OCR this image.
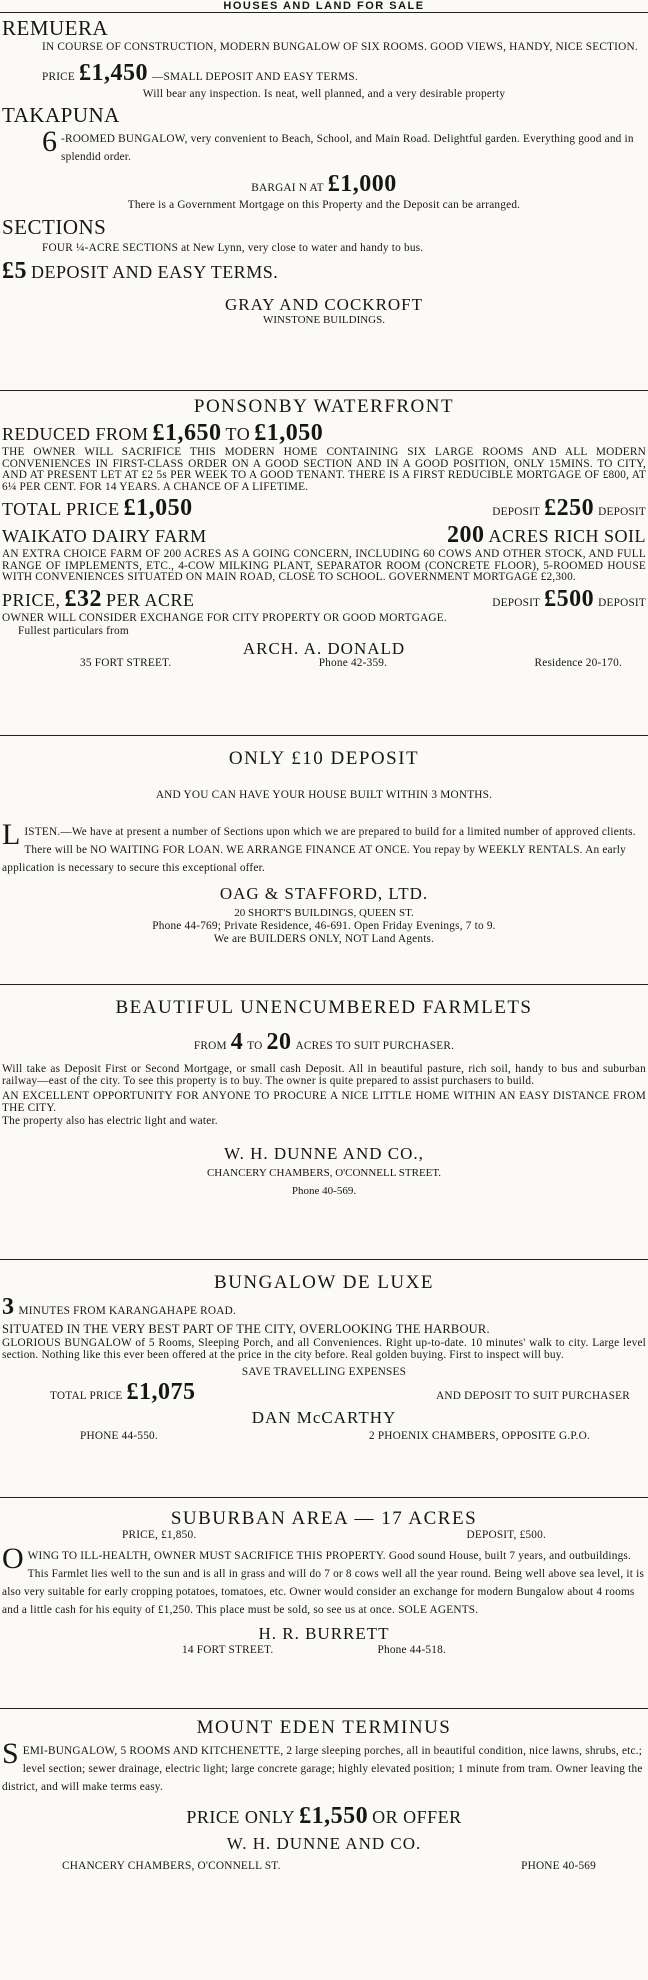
HOUSES AND LAND FOR SALE
REMUERA
IN COURSE OF CONSTRUCTION, MODERN BUNGALOW OF SIX ROOMS. GOOD VIEWS, HANDY, NICE SECTION.
PRICE £1,450 —SMALL DEPOSIT AND EASY TERMS.
Will bear any inspection. Is neat, well planned, and a very desirable property
TAKAPUNA
6 -ROOMED BUNGALOW, very convenient to Beach, School, and Main Road. Delightful garden. Everything good and in splendid order.
BARGAI N AT £1,000
There is a Government Mortgage on this Property and the Deposit can be arranged.
SECTIONS
FOUR ¼-ACRE SECTIONS at New Lynn, very close to water and handy to bus.
£5 DEPOSIT AND EASY TERMS.
GRAY AND COCKROFT
WINSTONE BUILDINGS.
PONSONBY WATERFRONT
REDUCED FROM £1,650 TO £1,050
THE OWNER WILL SACRIFICE THIS MODERN HOME CONTAINING SIX LARGE ROOMS AND ALL MODERN CONVENIENCES IN FIRST-CLASS ORDER ON A GOOD SECTION AND IN A GOOD POSITION, ONLY 15MINS. TO CITY, AND AT PRESENT LET AT £2 5s PER WEEK TO A GOOD TENANT. THERE IS A FIRST REDUCIBLE MORTGAGE OF £800, AT 6¼ PER CENT. FOR 14 YEARS. A CHANCE OF A LIFETIME.
TOTAL PRICE £1,050	DEPOSIT £250 DEPOSIT
WAIKATO DAIRY FARM	200 ACRES RICH SOIL
AN EXTRA CHOICE FARM OF 200 ACRES AS A GOING CONCERN, INCLUDING 60 COWS AND OTHER STOCK, AND FULL RANGE OF IMPLEMENTS, ETC., 4-COW MILKING PLANT, SEPARATOR ROOM (CONCRETE FLOOR), 5-ROOMED HOUSE WITH CONVENIENCES SITUATED ON MAIN ROAD, CLOSE TO SCHOOL. GOVERNMENT MORTGAGE £2,300.
PRICE, £32 PER ACRE	DEPOSIT £500 DEPOSIT
OWNER WILL CONSIDER EXCHANGE FOR CITY PROPERTY OR GOOD MORTGAGE.
Fullest particulars from
ARCH. A. DONALD
35 FORT STREET.	Phone 42-359.	Residence 20-170.
ONLY £10 DEPOSIT
AND YOU CAN HAVE YOUR HOUSE BUILT WITHIN 3 MONTHS.
L ISTEN.—We have at present a number of Sections upon which we are prepared to build for a limited number of approved clients. There will be NO WAITING FOR LOAN. WE ARRANGE FINANCE AT ONCE. You repay by WEEKLY RENTALS. An early application is necessary to secure this exceptional offer.
OAG & STAFFORD, LTD.
20 SHORT'S BUILDINGS, QUEEN ST.
Phone 44-769; Private Residence, 46-691. Open Friday Evenings, 7 to 9.
We are BUILDERS ONLY, NOT Land Agents.
BEAUTIFUL UNENCUMBERED FARMLETS
FROM 4 TO 20 ACRES TO SUIT PURCHASER.
Will take as Deposit First or Second Mortgage, or small cash Deposit. All in beautiful pasture, rich soil, handy to bus and suburban railway—east of the city. To see this property is to buy. The owner is quite prepared to assist purchasers to build.
AN EXCELLENT OPPORTUNITY FOR ANYONE TO PROCURE A NICE LITTLE HOME WITHIN AN EASY DISTANCE FROM THE CITY.
The property also has electric light and water.
W. H. DUNNE AND CO.,
CHANCERY CHAMBERS, O'CONNELL STREET.
Phone 40-569.
BUNGALOW DE LUXE
3 MINUTES FROM KARANGAHAPE ROAD.
SITUATED IN THE VERY BEST PART OF THE CITY, OVERLOOKING THE HARBOUR.
GLORIOUS BUNGALOW of 5 Rooms, Sleeping Porch, and all Conveniences. Right up-to-date. 10 minutes' walk to city. Large level section. Nothing like this ever been offered at the price in the city before. Real golden buying. First to inspect will buy.
SAVE TRAVELLING EXPENSES
TOTAL PRICE £1,075	AND DEPOSIT TO SUIT PURCHASER
DAN McCARTHY
PHONE 44-550.	2 PHOENIX CHAMBERS, OPPOSITE G.P.O.
SUBURBAN AREA — 17 ACRES
PRICE, £1,850.	DEPOSIT, £500.
O WING TO ILL-HEALTH, OWNER MUST SACRIFICE THIS PROPERTY. Good sound House, built 7 years, and outbuildings. This Farmlet lies well to the sun and is all in grass and will do 7 or 8 cows well all the year round. Being well above sea level, it is also very suitable for early cropping potatoes, tomatoes, etc. Owner would consider an exchange for modern Bungalow about 4 rooms and a little cash for his equity of £1,250. This place must be sold, so see us at once. SOLE AGENTS.
H. R. BURRETT
14 FORT STREET.	Phone 44-518.
MOUNT EDEN TERMINUS
S EMI-BUNGALOW, 5 ROOMS AND KITCHENETTE, 2 large sleeping porches, all in beautiful condition, nice lawns, shrubs, etc.; level section; sewer drainage, electric light; large concrete garage; highly elevated position; 1 minute from tram. Owner leaving the district, and will make terms easy.
PRICE ONLY £1,550 OR OFFER
W. H. DUNNE AND CO.
CHANCERY CHAMBERS, O'CONNELL ST.	PHONE 40-569
